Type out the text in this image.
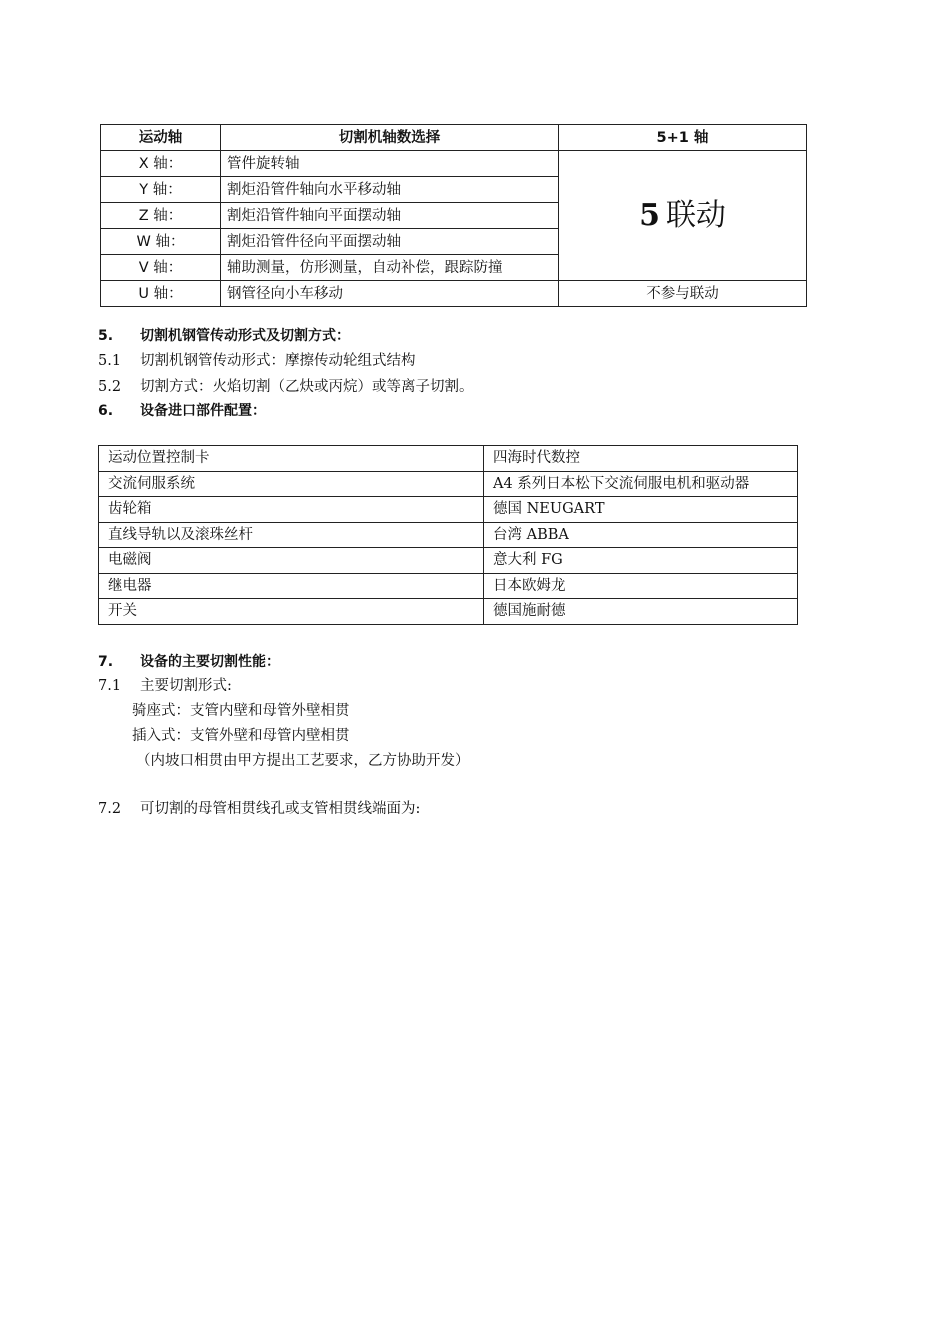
运动轴	切割机轴数选择	5+1 轴
X 轴：	管件旋转轴	5 联动
Y 轴：	割炬沿管件轴向水平移动轴	
Z 轴：	割炬沿管件轴向平面摆动轴	
W 轴：	割炬沿管件径向平面摆动轴	
V 轴：	辅助测量，仿形测量，自动补偿，跟踪防撞	
U 轴：	钢管径向小车移动	不参与联动
5. 切割机钢管传动形式及切割方式：
5.1 切割机钢管传动形式：摩擦传动轮组式结构
5.2 切割方式：火焰切割（乙炔或丙烷）或等离子切割。
6. 设备进口部件配置：
运动位置控制卡	四海时代数控
交流伺服系统	A4 系列日本松下交流伺服电机和驱动器
齿轮箱	德国 NEUGART
直线导轨以及滚珠丝杆	台湾 ABBA
电磁阀	意大利 FG
继电器	日本欧姆龙
开关	德国施耐德
7. 设备的主要切割性能：
7.1 主要切割形式:
骑座式：支管内壁和母管外壁相贯
插入式：支管外壁和母管内壁相贯
（内坡口相贯由甲方提出工艺要求，乙方协助开发）
7.2 可切割的母管相贯线孔或支管相贯线端面为:
